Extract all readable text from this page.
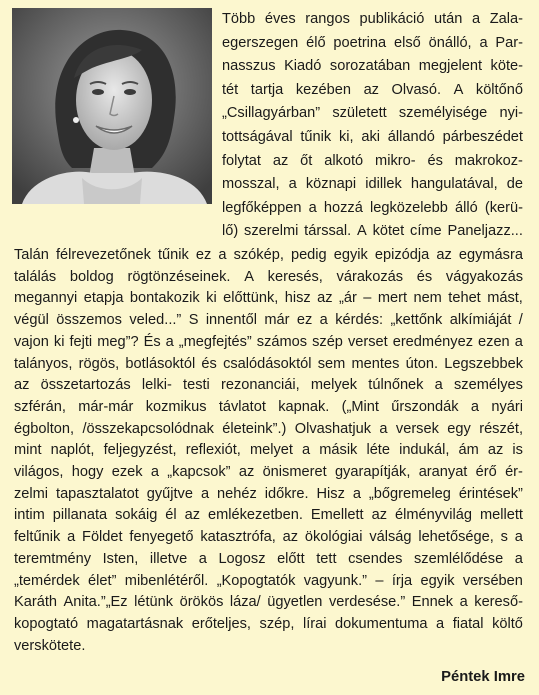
Több éves rangos publikáció után a Zala-
egerszegen élő poetrina első önálló, a Par-
nasszus Kiadó sorozatában megjelent köte-
tét tartja kezében az Olvasó. A költőnő
„Csillagyárban” született személyisége nyi-
tottságával tűnik ki, aki állandó párbeszédet
folytat az őt alkotó mikro- és makrokoz-
mosszal, a köznapi idillek hangulatával, de
legfőképpen a hozzá legközelebb álló (kerü-
lő) szerelmi társsal. A kötet címe Paneljazz...
Talán félrevezetőnek tűnik ez a szókép, pedig egyik epizódja az egymásra
találás boldog rögtönzéseinek. A keresés, várakozás és vágyakozás
megannyi etapja bontakozik ki előttünk, hisz az „ár – mert nem tehet mást,
végül összemos veled...” S innentől már ez a kérdés: „kettőnk alkímiáját /
vajon ki fejti meg”? És a „megfejtés” számos szép verset eredményez ezen a
talányos, rögös, botlásoktól és csalódásoktól sem mentes úton. Legszebbek
az összetartozás lelki- testi rezonanciái, melyek túlnőnek a személyes
szférán, már-már kozmikus távlatot kapnak. („Mint űrszondák a nyári
égbolton, /összekapcsolódnak életeink”.) Olvashatjuk a versek egy részét,
mint naplót, feljegyzést, reflexiót, melyet a másik léte indukál, ám az is
világos, hogy ezek a „kapcsok” az önismeret gyarapítják, aranyat érő ér-
zelmi tapasztalatot gyűjtve a nehéz időkre. Hisz a „bőgremeleg érintések”
intim pillanata sokáig él az emlékezetben. Emellett az élményvilág mellett
feltűnik a Földet fenyegető katasztrófa, az ökológiai válság lehetősége, s a
teremtmény Isten, illetve a Logosz előtt tett csendes szemlélődése a
„temérdek élet” mibenlétéről. „Kopogtatók vagyunk.” – írja egyik versében
Karáth Anita.”„Ez létünk örökös láza/ ügyetlen verdesése.” Ennek a kereső-
kopogtató magatartásnak erőteljes, szép, lírai dokumentuma a fiatal költő
verskötete.
Péntek Imre
